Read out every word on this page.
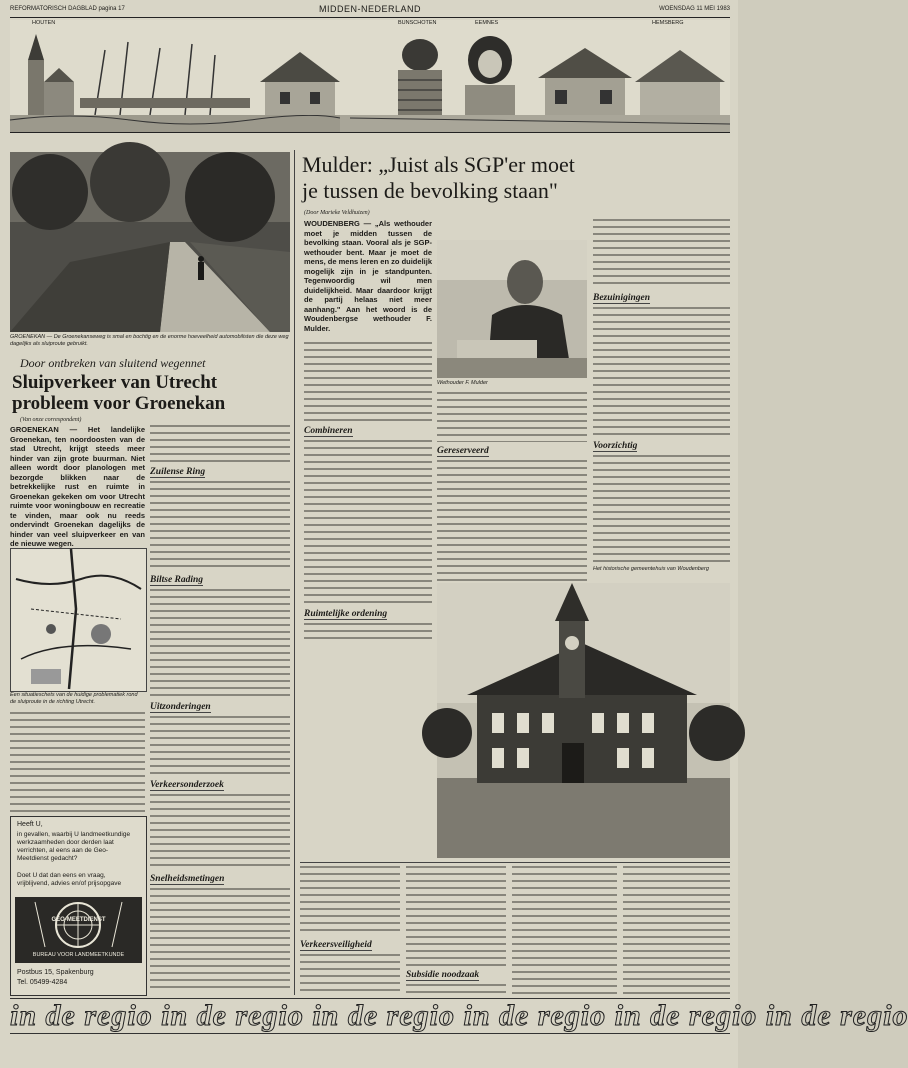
REFORMATORISCH DAGBLAD pagina 17	MIDDEN-NEDERLAND	WOENSDAG 11 MEI 1983
HOUTEN	BUNSCHOTEN	EEMNES	HEMSBERG
GROENEKAN — De Groenekanseweg is smal en bochtig en de enorme hoeveelheid automobilisten die deze weg dagelijks als sluiproute gebruikt.
Door ontbreken van sluitend wegennet
Sluipverkeer van Utrecht
probleem voor Groenekan
(Van onze correspondent)
GROENEKAN — Het landelijke Groenekan, ten noordoosten van de stad Utrecht, krijgt steeds meer hinder van zijn grote buurman. Niet alleen wordt door planologen met bezorgde blikken naar de betrekkelijke rust en ruimte in Groenekan gekeken om voor Utrecht ruimte voor woningbouw en recreatie te vinden, maar ook nu reeds ondervindt Groenekan dagelijks de hinder van veel sluipverkeer en van de nieuwe wegen.
Een situatieschets van de huidige problematiek rond de sluiproute in de richting Utrecht.
Zuilense Ring
Biltse Rading
Uitzonderingen
Verkeersonderzoek
Snelheidsmetingen
Heeft U,
in gevallen, waarbij U landmeetkundige werkzaamheden door derden laat verrichten, al eens aan de Geo-Meetdienst gedacht?
Doet U dat dan eens en vraag, vrijblijvend, advies en/of prijsopgave
GEO-MEETDIENST
BUREAU VOOR LANDMEETKUNDE
Postbus 15, Spakenburg
Tel. 05499-4284
Mulder: „Juist als SGP'er moet
je tussen de bevolking staan"
(Door Marieke Veldhuizen)
WOUDENBERG — „Als wethouder moet je midden tussen de bevolking staan. Vooral als je SGP-wethouder bent. Maar je moet de mens, de mens leren en zo duidelijk mogelijk zijn in je standpunten. Tegenwoordig wil men duidelijkheid. Maar daardoor krijgt de partij helaas niet meer aanhang." Aan het woord is de Woudenbergse wethouder F. Mulder.
Combineren
Ruimtelijke ordening
Wethouder F. Mulder
Gereserveerd
Bezuinigingen
Voorzichtig
Het historische gemeentehuis van Woudenberg
Verkeersveiligheid
Subsidie noodzaak
in de regio in de regio in de regio in de regio in de regio in de regio
